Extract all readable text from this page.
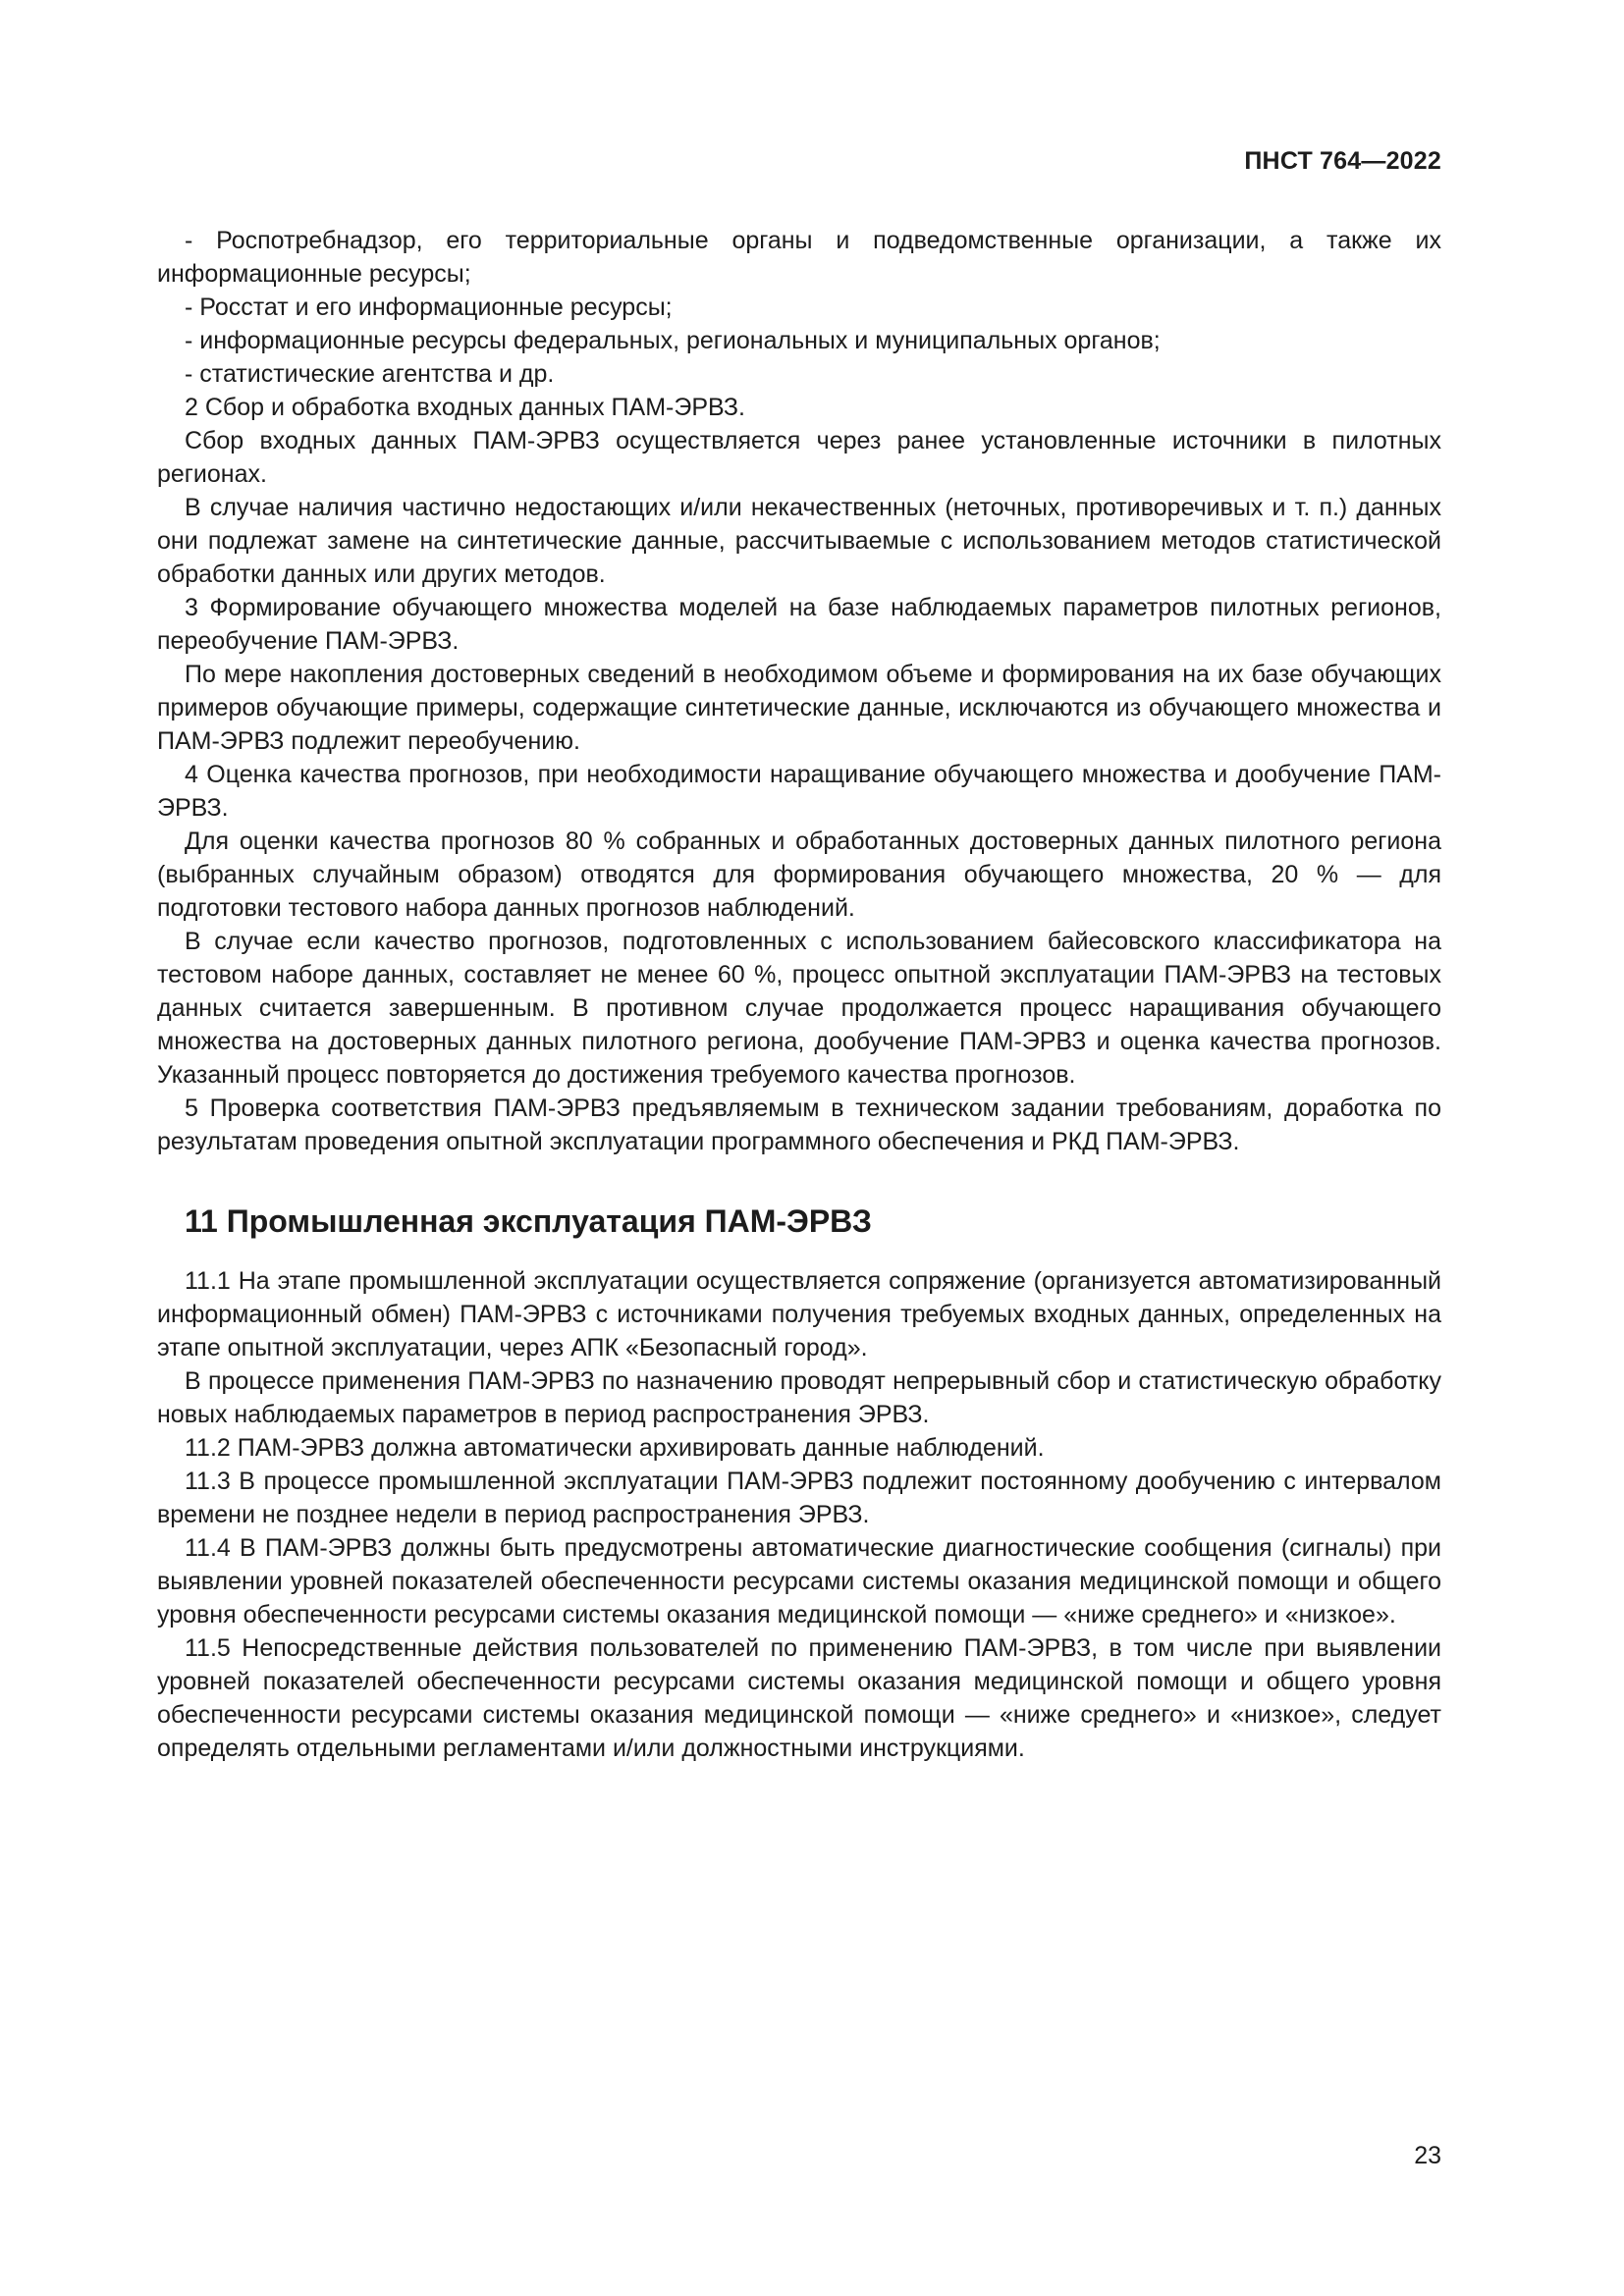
ПНСТ 764—2022

- Роспотребнадзор, его территориальные органы и подведомственные организации, а также их информационные ресурсы;

- Росстат и его информационные ресурсы;

- информационные ресурсы федеральных, региональных и муниципальных органов;

- статистические агентства и др.

2 Сбор и обработка входных данных ПАМ-ЭРВЗ.

Сбор входных данных ПАМ-ЭРВЗ осуществляется через ранее установленные источники в пилотных регионах.

В случае наличия частично недостающих и/или некачественных (неточных, противоречивых и т. п.) данных они подлежат замене на синтетические данные, рассчитываемые с использованием методов статистической обработки данных или других методов.

3 Формирование обучающего множества моделей на базе наблюдаемых параметров пилотных регионов, переобучение ПАМ-ЭРВЗ.

По мере накопления достоверных сведений в необходимом объеме и формирования на их базе обучающих примеров обучающие примеры, содержащие синтетические данные, исключаются из обучающего множества и ПАМ-ЭРВЗ подлежит переобучению.

4 Оценка качества прогнозов, при необходимости наращивание обучающего множества и дообучение ПАМ-ЭРВЗ.

Для оценки качества прогнозов 80 % собранных и обработанных достоверных данных пилотного региона (выбранных случайным образом) отводятся для формирования обучающего множества, 20 % — для подготовки тестового набора данных прогнозов наблюдений.

В случае если качество прогнозов, подготовленных с использованием байесовского классификатора на тестовом наборе данных, составляет не менее 60 %, процесс опытной эксплуатации ПАМ-ЭРВЗ на тестовых данных считается завершенным. В противном случае продолжается процесс наращивания обучающего множества на достоверных данных пилотного региона, дообучение ПАМ-ЭРВЗ и оценка качества прогнозов. Указанный процесс повторяется до достижения требуемого качества прогнозов.

5 Проверка соответствия ПАМ-ЭРВЗ предъявляемым в техническом задании требованиям, доработка по результатам проведения опытной эксплуатации программного обеспечения и РКД ПАМ-ЭРВЗ.

11 Промышленная эксплуатация ПАМ-ЭРВЗ

11.1 На этапе промышленной эксплуатации осуществляется сопряжение (организуется автоматизированный информационный обмен) ПАМ-ЭРВЗ с источниками получения требуемых входных данных, определенных на этапе опытной эксплуатации, через АПК «Безопасный город».

В процессе применения ПАМ-ЭРВЗ по назначению проводят непрерывный сбор и статистическую обработку новых наблюдаемых параметров в период распространения ЭРВЗ.

11.2 ПАМ-ЭРВЗ должна автоматически архивировать данные наблюдений.

11.3 В процессе промышленной эксплуатации ПАМ-ЭРВЗ подлежит постоянному дообучению с интервалом времени не позднее недели в период распространения ЭРВЗ.

11.4 В ПАМ-ЭРВЗ должны быть предусмотрены автоматические диагностические сообщения (сигналы) при выявлении уровней показателей обеспеченности ресурсами системы оказания медицинской помощи и общего уровня обеспеченности ресурсами системы оказания медицинской помощи — «ниже среднего» и «низкое».

11.5 Непосредственные действия пользователей по применению ПАМ-ЭРВЗ, в том числе при выявлении уровней показателей обеспеченности ресурсами системы оказания медицинской помощи и общего уровня обеспеченности ресурсами системы оказания медицинской помощи — «ниже среднего» и «низкое», следует определять отдельными регламентами и/или должностными инструкциями.

23
